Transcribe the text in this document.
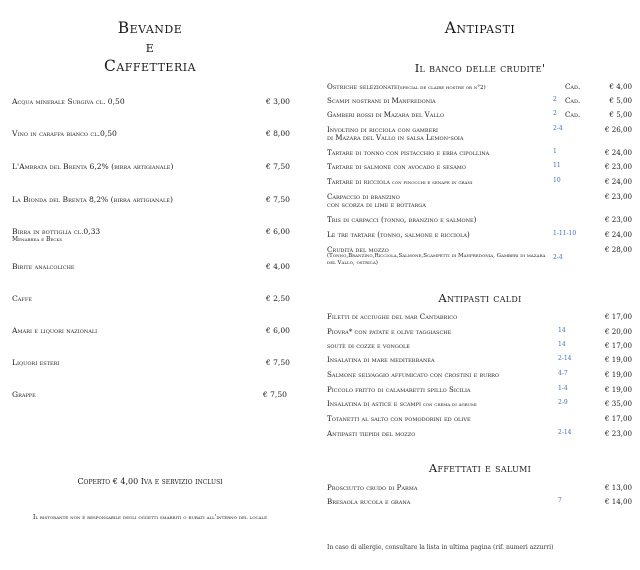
Bevande
e
Caffetteria
Acqua minerale Surgiva cl. 0,50	€ 3,00
Vino in caraffa bianco cl.0,50	€ 8,00
L'Ambrata del Brenta 6,2% (birra artigianale)	€ 7,50
La Bionda del Brenta 8,2% (birra artigianale)	€ 7,50
Birra in bottiglia cl.0,33
Menabrea e Becks
€ 6,00
Bibite analcoliche	€ 4,00
Caffè	€ 2,50
Amari e liquori nazionali	€ 6,00
Liquori esteri	€ 7,50
Grappe	€ 7,50
Coperto € 4,00 Iva e servizio inclusi
Il ristorante non è responsabile degli oggetti smarriti o rubati all'interno del locale
Antipasti
Il banco delle crudite'
Ostriche selezionate(special de claire hostre or n°2)	Cad.	€ 4,00
Scampi nostrani di Manfredonia	2 Cad.	€ 5,00
Gamberi rossi di Mazara del Vallo	2 Cad.	€ 5,00
Involtino di ricciola con gamberi
di Mazara del Vallo in salsa Lemon-soia
2-4	€ 26,00
Tartare di tonno con pistacchio e erba cipollina	1	€ 24,00
Tartare di salmone con avocado e sesamo	11	€ 23,00
Tartare di ricciola con finocchi e senape in grani	10	€ 24,00
Carpaccio di branzino
con scorza di lime e bottarga
€ 23,00
Tris di carpacci (tonno, branzino e salmone)	€ 23,00
Le tre tartare (tonno, salmone e ricciola)	1-11-10	€ 24,00
Crudità del mozzo
(Tonno,Branzino,Ricciola,Salmone,Scampetti di Manfredonia, Gamberi di mazara del Vallo, ostrica)
2-4
€ 28,00
Antipasti caldi
Filetti di acciughe del mar Cantabrico	€ 17,00
Piovra* con patate e olive taggiasche	14	€ 20,00
soutè di cozze e vongole	14	€ 17,00
Insalatina di mare mediterranea	2-14	€ 19,00
Salmone selvaggio affumicato con crostini e burro	4-7	€ 19,00
Piccolo fritto di calamaretti spillo Sicilia	1-4	€ 19,00
Insalatina di astice e scampi con crema di agrumi	2-9	€ 35,00
Totanetti al salto con pomodorini ed olive	€ 17,00
Antipasti tiepidi del mozzo	2-14	€ 23,00
Affettati e salumi
Prosciutto crudo di Parma	€ 13,00
Bresaola rucola e grana	7	€ 14,00
In caso di allergie, consultare la lista in ultima pagina (rif. numeri azzurri)
